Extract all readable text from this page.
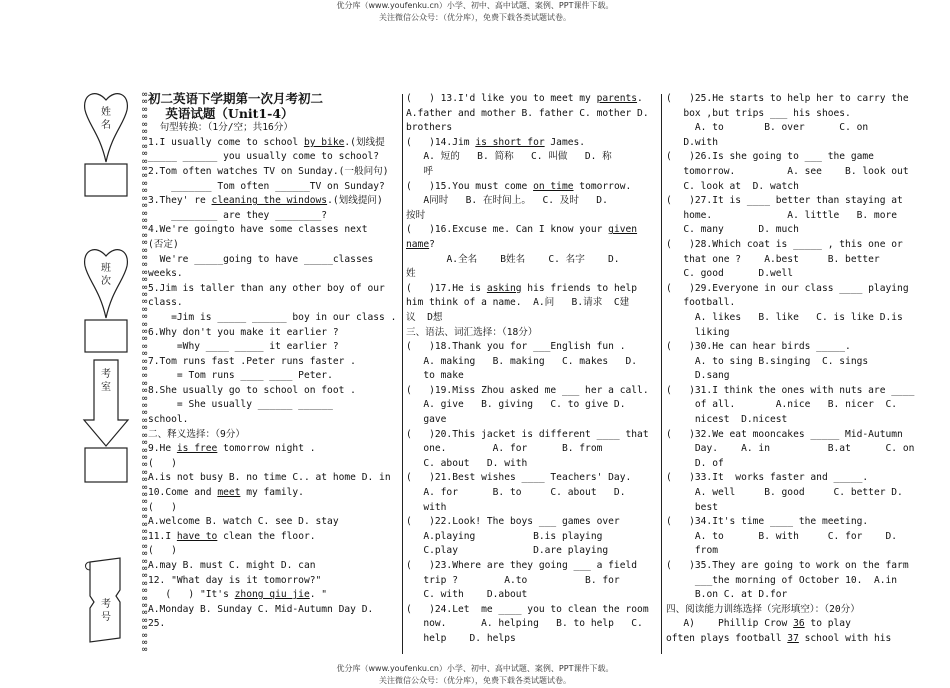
优分库（www.youfenku.cn）小学、初中、高中试题、案例、PPT课件下载。
关注微信公众号：（优分库），免费下载各类试题试卷。
优分库（www.youfenku.cn）小学、初中、高中试题、案例、PPT课件下载。
关注微信公众号：（优分库），免费下载各类试题试卷。
姓名
班次
考室
考号
∞
∞
∞
∞
∞
∞
∞
∞
∞
∞
∞
∞
∞
∞
∞
∞
∞
∞
∞
∞
∞
∞
∞
∞
∞
∞
∞
∞
∞
∞
∞
∞
∞
∞
∞
∞
∞
∞
∞
∞
∞
∞
∞
∞
∞
∞
∞
∞
∞
∞
∞
∞
∞
∞
∞
∞
∞
∞
∞
∞
∞
∞
∞
∞
∞
∞
∞
∞
∞
∞
∞
∞
∞
∞
∞
∞

初二英语下学期第一次月考初二
英语试题（Unit1-4）
句型转换：（1分/空；共16分）
1.I usually come to school by bike.(划线提
_____ ______ you usually come to school?
2.Tom often watches TV on Sunday.(一般问句)
_______ Tom often ______TV on Sunday?
3.They' re cleaning the windows.(划线提问)
________ are they ________?
4.We're goingto have some classes next
(否定)
We're _____going to have _____classes
weeks.
5.Jim is taller than any other boy of our
class.
=Jim is _____ ______ boy in our class .
6.Why don't you make it earlier ?
=Why ____ _____ it earlier ?
7.Tom runs fast .Peter runs faster .
= Tom runs ____ ____ Peter.
8.She usually go to school on foot .
= She usually ______ ______
school.
二、释义选择：（9分）
9.He is free tomorrow night .
(   )
A.is not busy B. no time C.. at home D. in
10.Come and meet my family.
(   )
A.welcome B. watch C. see D. stay
11.I have to clean the floor.
(   )
A.may B. must C. might D. can
12. "What day is it tomorrow?"
(   ) "It's zhong qiu jie. "
A.Monday B. Sunday C. Mid-Autumn Day D.
25.
(   ) 13.I'd like you to meet my parents.
A.father and mother B. father C. mother D.
brothers
(   )14.Jim is short for James.
A. 短的   B. 简称   C. 叫做   D. 称
呼
(   )15.You must come on time tomorrow.
A同时   B. 在时间上。  C. 及时   D.
按时
(   )16.Excuse me. Can I know your given
name?
A.全名    B姓名    C. 名字    D.
姓
(   )17.He is asking his friends to help
him think of a name.  A.问   B.请求  C建
议  D想
三、语法、词汇选择：（18分）
(   )18.Thank you for ___English fun .
A. making   B. making   C. makes   D.
to make
(   )19.Miss Zhou asked me ___ her a call.
A. give   B. giving   C. to give D.
gave
(   )20.This jacket is different ____ that
one.        A. for      B. from
C. about   D. with
(   )21.Best wishes ____ Teachers' Day.
A. for      B. to     C. about   D.
with
(   )22.Look! The boys ___ games over
A.playing          B.is playing
C.play             D.are playing
(   )23.Where are they going ___ a field
trip ?        A.to          B. for
C. with    D.about
(   )24.Let  me ____ you to clean the room
now.      A. helping   B. to help   C.
help    D. helps
(   )25.He starts to help her to carry the
box ,but trips ___ his shoes.
A. to       B. over      C. on
D.with
(   )26.Is she going to ___ the game
tomorrow.         A. see    B. look out
C. look at  D. watch
(   )27.It is ____ better than staying at
home.             A. little   B. more
C. many      D. much
(   )28.Which coat is _____ , this one or
that one ?    A.best     B. better
C. good      D.well
(   )29.Everyone in our class ____ playing
football.
A. likes   B. like   C. is like D.is
liking
(   )30.He can hear birds _____.
A. to sing B.singing  C. sings
D.sang
(   )31.I think the ones with nuts are ____
of all.       A.nice   B. nicer  C.
nicest  D.nicest
(   )32.We eat mooncakes _____ Mid-Autumn
Day.    A. in          B.at      C. on
D. of
(   )33.It  works faster and _____.
A. well     B. good     C. better D.
best
(   )34.It's time ____ the meeting.
A. to      B. with     C. for    D.
from
(   )35.They are going to work on the farm
___the morning of October 10.  A.in
B.on C. at D.for
四、阅读能力训练选择（完形填空）：（20分）
A)    Phillip Crow 36 to play
often plays football 37 school with his
